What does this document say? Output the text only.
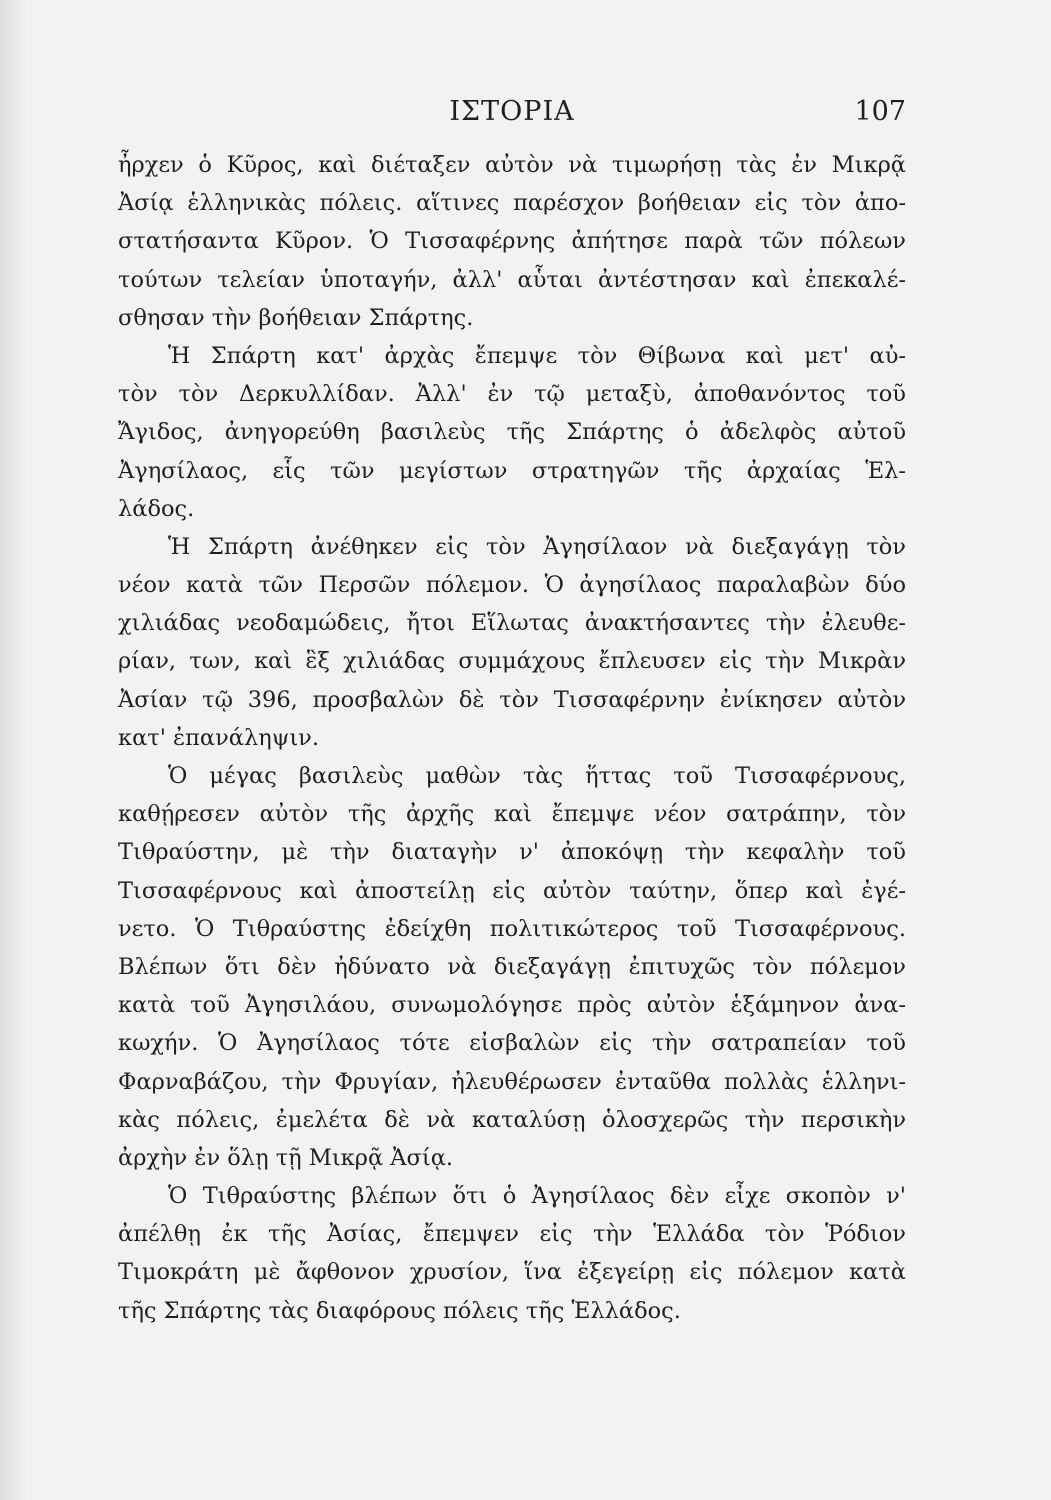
ΙΣΤΟΡΙΑ	107
ἦρχεν ὁ Κῦρος, καὶ διέταξεν αὐτὸν νὰ τιμωρήσῃ τὰς ἐν Μικρᾷ
Ἀσίᾳ ἑλληνικὰς πόλεις. αἵτινες παρέσχον βοήθειαν εἰς τὸν ἀπο-
στατήσαντα Κῦρον. Ὁ Τισσαφέρνης ἀπήτησε παρὰ τῶν πόλεων
τούτων τελείαν ὑποταγήν, ἀλλ' αὗται ἀντέστησαν καὶ ἐπεκαλέ-
σθησαν τὴν βοήθειαν Σπάρτης.
Ἡ Σπάρτη κατ' ἀρχὰς ἔπεμψε τὸν Θίβωνα καὶ μετ' αὐ-
τὸν τὸν Δερκυλλίδαν. Ἀλλ' ἐν τῷ μεταξὺ, ἀποθανόντος τοῦ
Ἄγιδος, ἀνηγορεύθη βασιλεὺς τῆς Σπάρτης ὁ ἀδελφὸς αὐτοῦ
Ἀγησίλαος, εἷς τῶν μεγίστων στρατηγῶν τῆς ἀρχαίας Ἑλ-
λάδος.
Ἡ Σπάρτη ἀνέθηκεν εἰς τὸν Ἀγησίλαον νὰ διεξαγάγῃ τὸν
νέον κατὰ τῶν Περσῶν πόλεμον. Ὁ ἀγησίλαος παραλαβὼν δύο
χιλιάδας νεοδαμώδεις, ἤτοι Εἵλωτας ἀνακτήσαντες τὴν ἐλευθε-
ρίαν, των, καὶ ἓξ χιλιάδας συμμάχους ἔπλευσεν εἰς τὴν Μικρὰν
Ἀσίαν τῷ 396, προσβαλὼν δὲ τὸν Τισσαφέρνην ἐνίκησεν αὐτὸν
κατ' ἐπανάληψιν.
Ὁ μέγας βασιλεὺς μαθὼν τὰς ἥττας τοῦ Τισσαφέρνους,
καθῄρεσεν αὐτὸν τῆς ἀρχῆς καὶ ἔπεμψε νέον σατράπην, τὸν
Τιθραύστην, μὲ τὴν διαταγὴν ν' ἀποκόψῃ τὴν κεφαλὴν τοῦ
Τισσαφέρνους καὶ ἀποστείλῃ εἰς αὐτὸν ταύτην, ὅπερ καὶ ἐγέ-
νετο. Ὁ Τιθραύστης ἐδείχθη πολιτικώτερος τοῦ Τισσαφέρνους.
Βλέπων ὅτι δὲν ἠδύνατο νὰ διεξαγάγῃ ἐπιτυχῶς τὸν πόλεμον
κατὰ τοῦ Ἀγησιλάου, συνωμολόγησε πρὸς αὐτὸν ἑξάμηνον ἀνα-
κωχήν. Ὁ Ἀγησίλαος τότε εἰσβαλὼν εἰς τὴν σατραπείαν τοῦ
Φαρναβάζου, τὴν Φρυγίαν, ἠλευθέρωσεν ἐνταῦθα πολλὰς ἑλληνι-
κὰς πόλεις, ἐμελέτα δὲ νὰ καταλύσῃ ὁλοσχερῶς τὴν περσικὴν
ἀρχὴν ἐν ὅλῃ τῇ Μικρᾷ Ἀσίᾳ.
Ὁ Τιθραύστης βλέπων ὅτι ὁ Ἀγησίλαος δὲν εἶχε σκοπὸν ν'
ἀπέλθῃ ἐκ τῆς Ἀσίας, ἔπεμψεν εἰς τὴν Ἑλλάδα τὸν Ῥόδιον
Τιμοκράτη μὲ ἄφθονον χρυσίον, ἵνα ἐξεγείρῃ εἰς πόλεμον κατὰ
τῆς Σπάρτης τὰς διαφόρους πόλεις τῆς Ἑλλάδος.
